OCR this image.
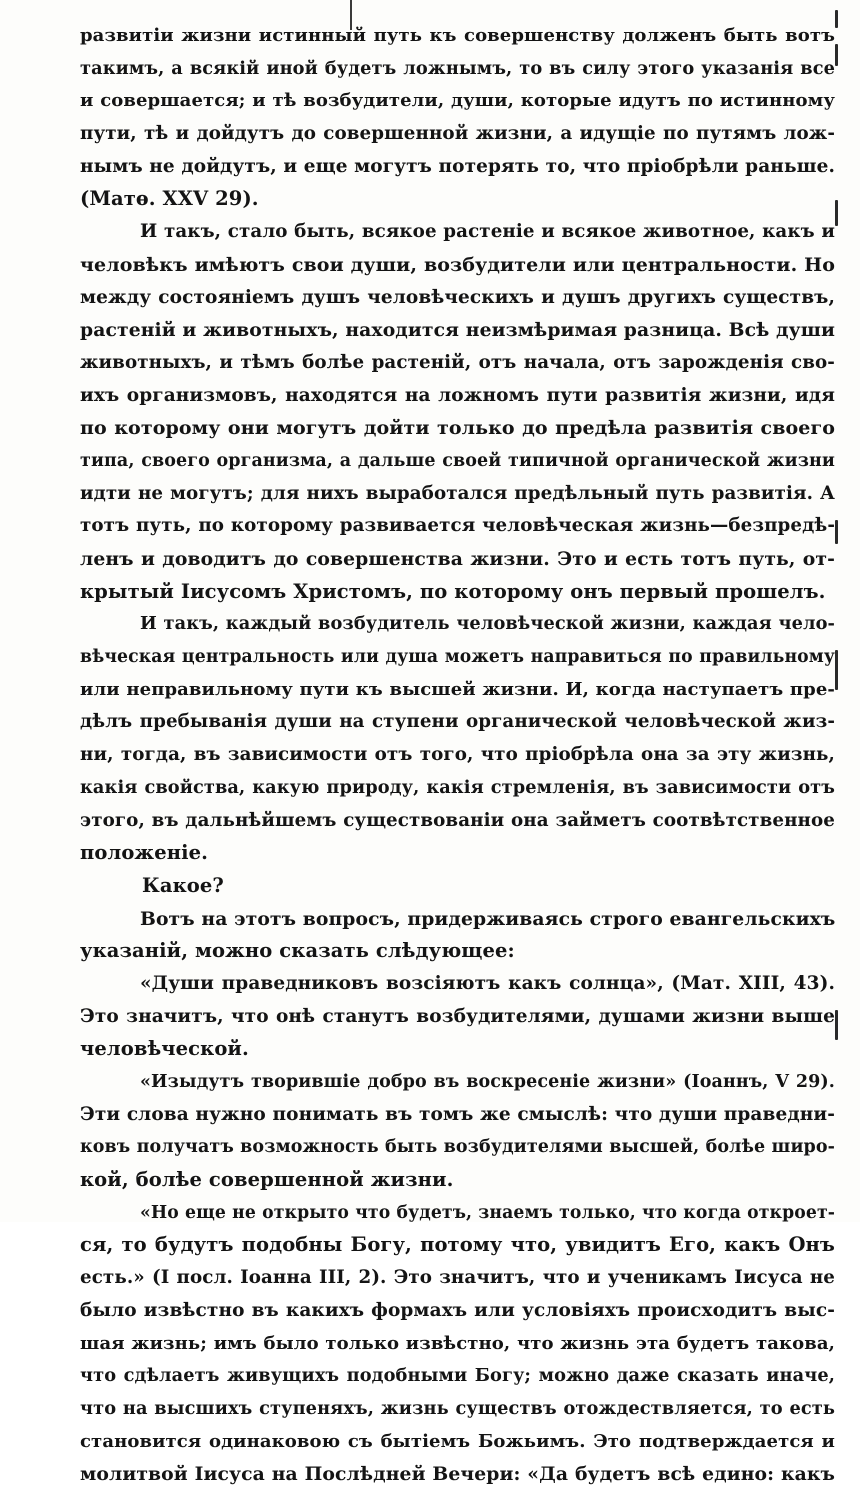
развитіи жизни истинный путь къ совершенству долженъ быть вотъ
такимъ, а всякій иной будетъ ложнымъ, то въ силу этого указанія все
и совершается; и тѣ возбудители, души, которые идутъ по истинному
пути, тѣ и дойдутъ до совершенной жизни, а идущіе по путямъ лож-
нымъ не дойдутъ, и еще могутъ потерять то, что пріобрѣли раньше.
(Матѳ. XXV 29).
И такъ, стало быть, всякое растеніе и всякое животное, какъ и
человѣкъ имѣютъ свои души, возбудители или центральности. Но
между состояніемъ душъ человѣческихъ и душъ другихъ существъ,
растеній и животныхъ, находится неизмѣримая разница. Всѣ души
животныхъ, и тѣмъ болѣе растеній, отъ начала, отъ зарожденія сво-
ихъ организмовъ, находятся на ложномъ пути развитія жизни, идя
по которому они могутъ дойти только до предѣла развитія своего
типа, своего организма, а дальше своей типичной органической жизни
идти не могутъ; для нихъ выработался предѣльный путь развитія. А
тотъ путь, по которому развивается человѣческая жизнь—безпредѣ-
ленъ и доводитъ до совершенства жизни. Это и есть тотъ путь, от-
крытый Іисусомъ Христомъ, по которому онъ первый прошелъ.
И такъ, каждый возбудитель человѣческой жизни, каждая чело-
вѣческая центральность или душа можетъ направиться по правильному
или неправильному пути къ высшей жизни. И, когда наступаетъ пре-
дѣлъ пребыванія души на ступени органической человѣческой жиз-
ни, тогда, въ зависимости отъ того, что пріобрѣла она за эту жизнь,
какія свойства, какую природу, какія стремленія, въ зависимости отъ
этого, въ дальнѣйшемъ существованіи она займетъ соотвѣтственное
положеніе.
Какое?
Вотъ на этотъ вопросъ, придерживаясь строго евангельскихъ
указаній, можно сказать слѣдующее:
«Души праведниковъ возсіяютъ какъ солнца», (Мат. XIII, 43).
Это значитъ, что онѣ станутъ возбудителями, душами жизни выше
человѣческой.
«Изыдутъ творившіе добро въ воскресеніе жизни» (Іоаннъ, V 29).
Эти слова нужно понимать въ томъ же смыслѣ: что души праведни-
ковъ получатъ возможность быть возбудителями высшей, болѣе широ-
кой, болѣе совершенной жизни.
«Но еще не открыто что будетъ, знаемъ только, что когда откроет-
ся, то будутъ подобны Богу, потому что, увидитъ Его, какъ Онъ
есть.» (I посл. Іоанна III, 2). Это значитъ, что и ученикамъ Іисуса не
было извѣстно въ какихъ формахъ или условіяхъ происходитъ выс-
шая жизнь; имъ было только извѣстно, что жизнь эта будетъ такова,
что сдѣлаетъ живущихъ подобными Богу; можно даже сказать иначе,
что на высшихъ ступеняхъ, жизнь существъ отождествляется, то есть
становится одинаковою съ бытіемъ Божьимъ. Это подтверждается и
молитвой Іисуса на Послѣдней Вечери: «Да будетъ всѣ едино: какъ
